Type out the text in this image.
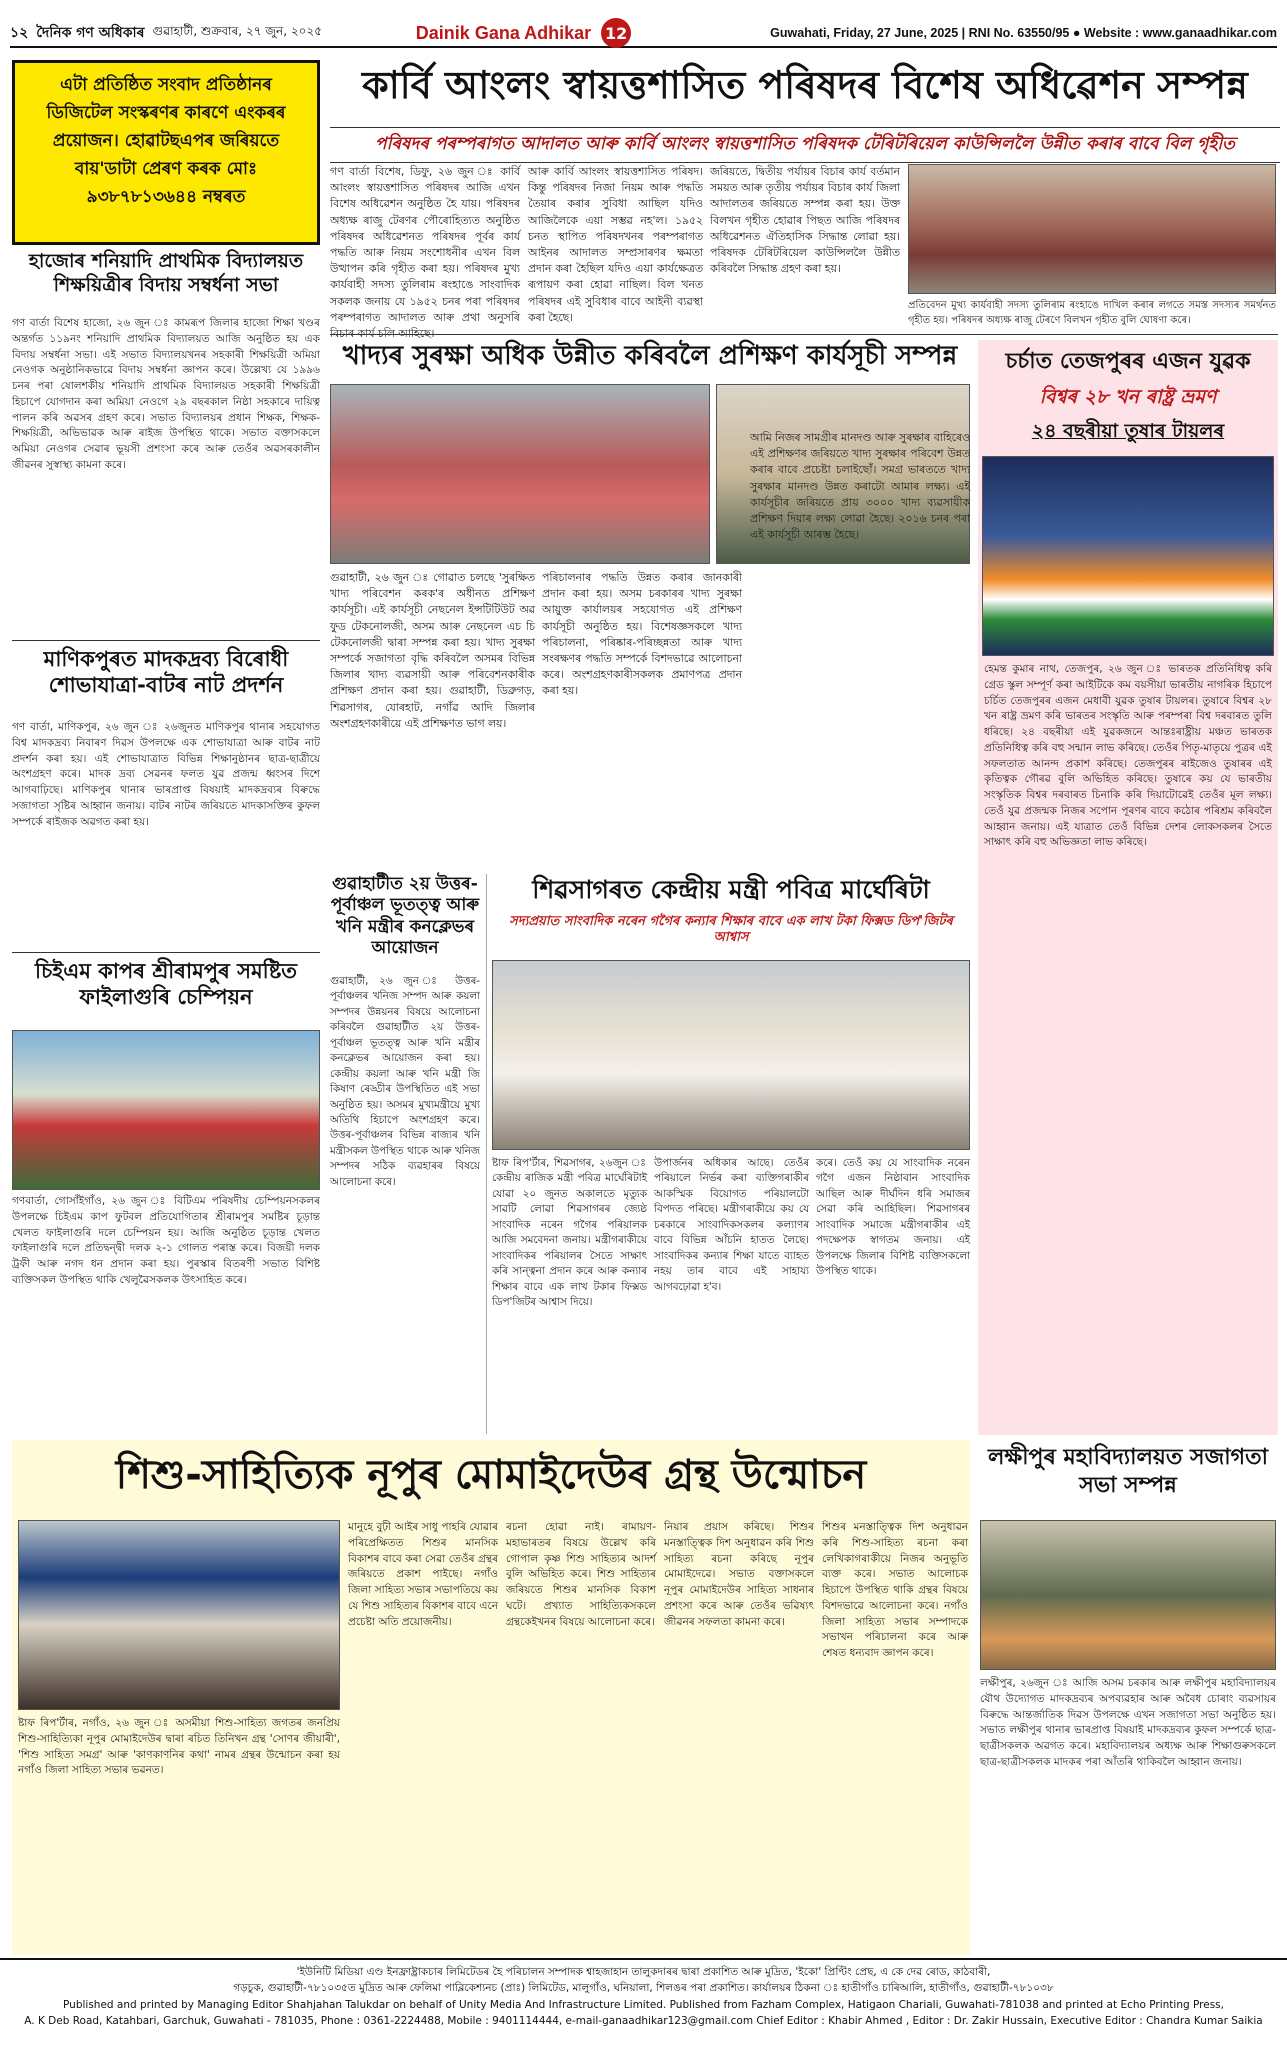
১২ দৈনিক গণ অধিকাৰ গুৱাহাটী, শুক্ৰবাৰ, ২৭ জুন, ২০২৫	Dainik Gana Adhikar 12	Guwahati, Friday, 27 June, 2025 | RNI No. 63550/95 ● Website : www.ganaadhikar.com
এটা প্ৰতিষ্ঠিত সংবাদ প্ৰতিষ্ঠানৰ ডিজিটেল সংস্কৰণৰ কাৰণে এংকৰৰ প্ৰয়োজন। হোৱাটছএপৰ জৰিয়তে বায়'ডাটা প্ৰেৰণ কৰক মোঃ ৯৩৮৭৮১৩৬৪৪ নম্বৰত
কাৰ্বি আংলং স্বায়ত্তশাসিত পৰিষদৰ বিশেষ অধিৱেশন সম্পন্ন
পৰিষদৰ পৰম্পৰাগত আদালত আৰু কাৰ্বি আংলং স্বায়ত্তশাসিত পৰিষদক টেৰিটৰিয়েল কাউন্সিললৈ উন্নীত কৰাৰ বাবে বিল গৃহীত
গণ বাৰ্তা বিশেষ, ডিফু, ২৬ জুন ঃ কাৰ্বি আংলং স্বায়ত্তশাসিত পৰিষদৰ আজি এখন বিশেষ অধিৱেশন অনুষ্ঠিত হৈ যায়। পৰিষদৰ অধ্যক্ষ ৰাজু টেৰণৰ পৌৰোহিত্যত অনুষ্ঠিত পৰিষদৰ অধিৱেশনত পৰিষদৰ পূৰ্বৰ কাৰ্য পদ্ধতি আৰু নিয়ম সংশোধনীৰ এখন বিল উত্থাপন কৰি গৃহীত কৰা হয়। পৰিষদৰ মুখ্য কাৰ্যবাহী সদস্য তুলিৰাম ৰংহাঙে সাংবাদিক সকলক জনায় যে ১৯৫২ চনৰ পৰা পৰিষদৰ পৰম্পৰাগত আদালত আৰু প্ৰথা অনুসৰি বিচাৰ কাৰ্য চলি আহিছে।
আৰু কাৰ্বি আংলং স্বায়ত্তশাসিত পৰিষদ। কিন্তু পৰিষদৰ নিজা নিয়ম আৰু পদ্ধতি তৈয়াৰ কৰাৰ সুবিধা আছিল যদিও আজিলৈকে এয়া সম্ভৱ নহ'ল। ১৯৫২ চনত স্থাপিত পৰিষদখনৰ পৰম্পৰাগত আইনৰ আদালত সম্প্ৰসাৰণৰ ক্ষমতা প্ৰদান কৰা হৈছিল যদিও এয়া কাৰ্যক্ষেত্ৰত ৰূপায়ণ কৰা হোৱা নাছিল। বিল খনত পৰিষদৰ এই সুবিধাৰ বাবে আইনী ব্যৱস্থা কৰা হৈছে।
জৰিয়তে, দ্বিতীয় পৰ্যায়ৰ বিচাৰ কাৰ্য বৰ্তমান সময়ত আৰু তৃতীয় পৰ্যায়ৰ বিচাৰ কাৰ্য জিলা আদালতৰ জৰিয়তে সম্পন্ন কৰা হয়। উক্ত বিলখন গৃহীত হোৱাৰ পিছত আজি পৰিষদৰ অধিৱেশনত ঐতিহাসিক সিদ্ধান্ত লোৱা হয়। পৰিষদক টেৰিটৰিয়েল কাউন্সিললৈ উন্নীত কৰিবলৈ সিদ্ধান্ত গ্ৰহণ কৰা হয়।
প্ৰতিবেদন মুখ্য কাৰ্যবাহী সদস্য তুলিৰাম ৰংহাঙে দাখিল কৰাৰ লগতে সমস্ত সদস্যৰ সমৰ্থনত গৃহীত হয়। পৰিষদৰ অধ্যক্ষ ৰাজু টেৰণে বিলখন গৃহীত বুলি ঘোষণা কৰে।
হাজোৰ শনিয়াদি প্ৰাথমিক বিদ্যালয়ত শিক্ষয়িত্ৰীৰ বিদায় সম্বৰ্ধনা সভা
গণ বাৰ্তা বিশেষ হাজো, ২৬ জুন ঃ কামৰূপ জিলাৰ হাজো শিক্ষা খণ্ডৰ অন্তৰ্গত ১১৯নং শনিয়াদি প্ৰাথমিক বিদ্যালয়ত আজি অনুষ্ঠিত হয় এক বিদায় সম্বৰ্ধনা সভা। এই সভাত বিদ্যালয়খনৰ সহকাৰী শিক্ষয়িত্ৰী অমিয়া নেওগক অনুষ্ঠানিকভাৱে বিদায় সম্বৰ্ধনা জ্ঞাপন কৰে। উল্লেখ্য যে ১৯৯৬ চনৰ পৰা ষোলশকীয় শনিয়াদি প্ৰাথমিক বিদ্যালয়ত সহকাৰী শিক্ষয়িত্ৰী হিচাপে যোগদান কৰা অমিয়া নেওগে ২৯ বছৰকাল নিষ্ঠা সহকাৰে দায়িত্ব পালন কৰি অৱসৰ গ্ৰহণ কৰে। সভাত বিদ্যালয়ৰ প্ৰধান শিক্ষক, শিক্ষক-শিক্ষয়িত্ৰী, অভিভাৱক আৰু ৰাইজ উপস্থিত থাকে। সভাত বক্তাসকলে অমিয়া নেওগৰ সেৱাৰ ভূয়সী প্ৰশংসা কৰে আৰু তেওঁৰ অৱসৰকালীন জীৱনৰ সুস্বাস্থ্য কামনা কৰে।
মাণিকপুৰত মাদকদ্ৰব্য বিৰোধী শোভাযাত্ৰা-বাটৰ নাট প্ৰদৰ্শন
গণ বাৰ্তা, মাণিকপুৰ, ২৬ জুন ঃ ২৬জুনত মাণিকপুৰ থানাৰ সহযোগত বিশ্ব মাদকদ্ৰব্য নিবাৰণ দিৱস উপলক্ষে এক শোভাযাত্ৰা আৰু বাটৰ নাট প্ৰদৰ্শন কৰা হয়। এই শোভাযাত্ৰাত বিভিন্ন শিক্ষানুষ্ঠানৰ ছাত্ৰ-ছাত্ৰীয়ে অংশগ্ৰহণ কৰে। মাদক দ্ৰব্য সেৱনৰ ফলত যুৱ প্ৰজন্ম ধ্বংসৰ দিশে আগবাঢ়িছে। মাণিকপুৰ থানাৰ ভাৰপ্ৰাপ্ত বিষয়াই মাদকদ্ৰব্যৰ বিৰুদ্ধে সজাগতা সৃষ্টিৰ আহ্বান জনায়। বাটৰ নাটৰ জৰিয়তে মাদকাসক্তিৰ কুফল সম্পৰ্কে ৰাইজক অৱগত কৰা হয়।
চিইএম কাপৰ শ্ৰীৰামপুৰ সমষ্টিত ফাইলাগুৰি চেম্পিয়ন
গণবাৰ্তা, গোসাঁইগাঁও, ২৬ জুন ঃ বিটিএম পৰিষদীয় চেম্পিয়নসকলৰ উপলক্ষে চিইএম কাপ ফুটবল প্ৰতিযোগিতাৰ শ্ৰীৰামপুৰ সমষ্টিৰ চূড়ান্ত খেলত ফাইলাগুৰি দলে চেম্পিয়ন হয়। আজি অনুষ্ঠিত চূড়ান্ত খেলত ফাইলাগুৰি দলে প্ৰতিদ্বন্দ্বী দলক ২-১ গোলত পৰাস্ত কৰে। বিজয়ী দলক ট্ৰফী আৰু নগদ ধন প্ৰদান কৰা হয়। পুৰস্কাৰ বিতৰণী সভাত বিশিষ্ট ব্যক্তিসকল উপস্থিত থাকি খেলুৱৈসকলক উৎসাহিত কৰে।
খাদ্যৰ সুৰক্ষা অধিক উন্নীত কৰিবলৈ প্ৰশিক্ষণ কাৰ্যসূচী সম্পন্ন
গুৱাহাটী, ২৬ জুন ঃ গোৱাত চলছে 'সুৰক্ষিত খাদ্য পৰিবেশন কৰক'ৰ অধীনত প্ৰশিক্ষণ কাৰ্যসূচী। এই কাৰ্যসূচী নেছনেল ইন্সটিটিউট অৱ ফুড টেকনোলজী, অসম আৰু নেছনেল এচ চি টেকনোলজী দ্বাৰা সম্পন্ন কৰা হয়। খাদ্য সুৰক্ষা সম্পৰ্কে সজাগতা বৃদ্ধি কৰিবলৈ অসমৰ বিভিন্ন জিলাৰ খাদ্য ব্যৱসায়ী আৰু পৰিবেশনকাৰীক প্ৰশিক্ষণ প্ৰদান কৰা হয়। গুৱাহাটী, ডিব্ৰুগড়, শিৱসাগৰ, যোৰহাট, নগাঁৱ আদি জিলাৰ অংশগ্ৰহণকাৰীয়ে এই প্ৰশিক্ষণত ভাগ লয়।
পৰিচালনাৰ পদ্ধতি উন্নত কৰাৰ জানকাৰী প্ৰদান কৰা হয়। অসম চৰকাৰৰ খাদ্য সুৰক্ষা আয়ুক্ত কাৰ্যালয়ৰ সহযোগত এই প্ৰশিক্ষণ কাৰ্যসূচী অনুষ্ঠিত হয়। বিশেষজ্ঞসকলে খাদ্য পৰিচালনা, পৰিষ্কাৰ-পৰিচ্ছন্নতা আৰু খাদ্য সংৰক্ষণৰ পদ্ধতি সম্পৰ্কে বিশদভাৱে আলোচনা কৰে। অংশগ্ৰহণকাৰীসকলক প্ৰমাণপত্ৰ প্ৰদান কৰা হয়।
আমি নিজৰ সামগ্ৰীৰ মানদণ্ড আৰু সুৰক্ষাৰ বাহিৰেও এই প্ৰশিক্ষণৰ জৰিয়তে খাদ্য সুৰক্ষাৰ পৰিবেশ উন্নত কৰাৰ বাবে প্ৰচেষ্টা চলাইছোঁ। সমগ্ৰ ভাৰততে খাদ্য সুৰক্ষাৰ মানদণ্ড উন্নত কৰাটো আমাৰ লক্ষ্য। এই কাৰ্যসূচীৰ জৰিয়তে প্ৰায় ৩০০০ খাদ্য ব্যৱসায়ীক প্ৰশিক্ষণ দিয়াৰ লক্ষ্য লোৱা হৈছে। ২০১৬ চনৰ পৰা এই কাৰ্যসূচী আৰম্ভ হৈছে।
গুৱাহাটীত ২য় উত্তৰ-পূৰ্বাঞ্চল ভূতত্ত্ব আৰু খনি মন্ত্ৰীৰ কনক্লেভৰ আয়োজন
গুৱাহাটী, ২৬ জুন ঃ উত্তৰ-পূৰ্বাঞ্চলৰ খনিজ সম্পদ আৰু কয়লা সম্পদৰ উন্নয়নৰ বিষয়ে আলোচনা কৰিবলৈ গুৱাহাটীত ২য় উত্তৰ-পূৰ্বাঞ্চল ভূতত্ত্ব আৰু খনি মন্ত্ৰীৰ কনক্লেভৰ আয়োজন কৰা হয়। কেন্দ্ৰীয় কয়লা আৰু খনি মন্ত্ৰী জি কিষাণ ৰেড্ডীৰ উপস্থিতিত এই সভা অনুষ্ঠিত হয়। অসমৰ মুখ্যমন্ত্ৰীয়ে মুখ্য অতিথি হিচাপে অংশগ্ৰহণ কৰে। উত্তৰ-পূৰ্বাঞ্চলৰ বিভিন্ন ৰাজ্যৰ খনি মন্ত্ৰীসকল উপস্থিত থাকে আৰু খনিজ সম্পদৰ সঠিক ব্যৱহাৰৰ বিষয়ে আলোচনা কৰে।
শিৱসাগৰত কেন্দ্ৰীয় মন্ত্ৰী পবিত্ৰ মাৰ্ঘেৰিটা
সদ্যপ্ৰয়াত সাংবাদিক নৰেন গগৈৰ কন্যাৰ শিক্ষাৰ বাবে এক লাখ টকা ফিক্সড ডিপ'জিটৰ আশ্বাস
ষ্টাফ ৰিপ'ৰ্টাৰ, শিৱসাগৰ, ২৬জুন ঃ কেন্দ্ৰীয় ৰাজিক মন্ত্ৰী পবিত্ৰ মাৰ্ঘেৰিটাই যোৱা ২০ জুনত অকালতে মৃত্যুক সাৱটি লোৱা শিৱসাগৰৰ জ্যেষ্ঠ সাংবাদিক নৰেন গগৈৰ পৰিয়ালক আজি সমবেদনা জনায়। মন্ত্ৰীগৰাকীয়ে সাংবাদিকৰ পৰিয়ালৰ সৈতে সাক্ষাৎ কৰি সান্ত্বনা প্ৰদান কৰে আৰু কন্যাৰ শিক্ষাৰ বাবে এক লাখ টকাৰ ফিক্সড ডিপ'জিটৰ আশ্বাস দিয়ে।
উপাৰ্জনৰ অধিকাৰ আছে। তেওঁৰ পৰিয়ালে নিৰ্ভৰ কৰা ব্যক্তিগৰাকীৰ আকস্মিক বিয়োগত পৰিয়ালটো বিপদত পৰিছে। মন্ত্ৰীগৰাকীয়ে কয় যে চৰকাৰে সাংবাদিকসকলৰ কল্যাণৰ বাবে বিভিন্ন আঁচনি হাতত লৈছে। সাংবাদিকৰ কন্যাৰ শিক্ষা যাতে ব্যাহত নহয় তাৰ বাবে এই সাহায্য আগবঢ়োৱা হ'ব।
কৰে। তেওঁ কয় যে সাংবাদিক নৰেন গগৈ এজন নিষ্ঠাবান সাংবাদিক আছিল আৰু দীৰ্ঘদিন ধৰি সমাজৰ সেৱা কৰি আহিছিল। শিৱসাগৰৰ সাংবাদিক সমাজে মন্ত্ৰীগৰাকীৰ এই পদক্ষেপক স্বাগতম জনায়। এই উপলক্ষে জিলাৰ বিশিষ্ট ব্যক্তিসকলো উপস্থিত থাকে।
চৰ্চাত তেজপুৰৰ এজন যুৱক
বিশ্বৰ ২৮ খন ৰাষ্ট্ৰ ভ্ৰমণ
২৪ বছৰীয়া তুষাৰ টায়লৰ
হেমন্ত কুমাৰ নাথ, তেজপুৰ, ২৬ জুন ঃ ভাৰতক প্ৰতিনিধিত্ব কৰি গ্ৰেড স্কুল সম্পূৰ্ণ কৰা আইটিকে কম বয়সীয়া ভাৰতীয় নাগৰিক হিচাপে চৰ্চিত তেজপুৰৰ এজন মেধাবী যুৱক তুষাৰ টায়লৰ। তুষাৰে বিশ্বৰ ২৮ খন ৰাষ্ট্ৰ ভ্ৰমণ কৰি ভাৰতৰ সংস্কৃতি আৰু পৰম্পৰা বিশ্ব দৰবাৰত তুলি ধৰিছে। ২৪ বছৰীয়া এই যুৱকজনে আন্তঃৰাষ্ট্ৰীয় মঞ্চত ভাৰতক প্ৰতিনিধিত্ব কৰি বহু সন্মান লাভ কৰিছে। তেওঁৰ পিতৃ-মাতৃয়ে পুত্ৰৰ এই সফলতাত আনন্দ প্ৰকাশ কৰিছে। তেজপুৰৰ ৰাইজেও তুষাৰৰ এই কৃতিত্বক গৌৰৱ বুলি অভিহিত কৰিছে। তুষাৰে কয় যে ভাৰতীয় সংস্কৃতিক বিশ্বৰ দৰবাৰত চিনাকি কৰি দিয়াটোৱেই তেওঁৰ মূল লক্ষ্য। তেওঁ যুৱ প্ৰজন্মক নিজৰ সপোন পূৰণৰ বাবে কঠোৰ পৰিশ্ৰম কৰিবলৈ আহ্বান জনায়। এই যাত্ৰাত তেওঁ বিভিন্ন দেশৰ লোকসকলৰ সৈতে সাক্ষাৎ কৰি বহু অভিজ্ঞতা লাভ কৰিছে।
শিশু-সাহিত্যিক নূপুৰ মোমাইদেউৰ গ্ৰন্থ উন্মোচন
ষ্টাফ ৰিপ'ৰ্টাৰ, নগাঁও, ২৬ জুন ঃ অসমীয়া শিশু-সাহিত্য জগতৰ জনপ্ৰিয় শিশু-সাহিত্যিকা নূপুৰ মোমাইদেউৰ দ্বাৰা ৰচিত তিনিখন গ্ৰন্থ 'সোণৰ জীয়াৰী', 'শিশু সাহিত্য সমগ্ৰ' আৰু 'কাণকাণনিৰ কথা' নামৰ গ্ৰন্থৰ উন্মোচন কৰা হয় নগাঁও জিলা সাহিত্য সভাৰ ভৱনত।
মানুহে বুঢ়ী আইৰ সাধু পাহৰি যোৱাৰ পৰিপ্ৰেক্ষিতত শিশুৰ মানসিক বিকাশৰ বাবে কৰা সেৱা তেওঁৰ গ্ৰন্থৰ জৰিয়তে প্ৰকাশ পাইছে। নগাঁও জিলা সাহিত্য সভাৰ সভাপতিয়ে কয় যে শিশু সাহিত্যৰ বিকাশৰ বাবে এনে প্ৰচেষ্টা অতি প্ৰয়োজনীয়।
ৰচনা হোৱা নাই। ৰামায়ণ-মহাভাৰতৰ বিষয়ে উল্লেখ কৰি গোপাল কৃষ্ণ শিশু সাহিত্যৰ আদৰ্শ বুলি অভিহিত কৰে। শিশু সাহিত্যৰ জৰিয়তে শিশুৰ মানসিক বিকাশ ঘটে। প্ৰখ্যাত সাহিত্যিকসকলে গ্ৰন্থকেইখনৰ বিষয়ে আলোচনা কৰে।
নিয়াৰ প্ৰয়াস কৰিছে। শিশুৰ মনস্তাত্ত্বিক দিশ অনুধাৱন কৰি শিশু সাহিত্য ৰচনা কৰিছে নূপুৰ মোমাইদেৱে। সভাত বক্তাসকলে নূপুৰ মোমাইদেউৰ সাহিত্য সাধনাৰ প্ৰশংসা কৰে আৰু তেওঁৰ ভৱিষ্যৎ জীৱনৰ সফলতা কামনা কৰে।
শিশুৰ মনস্তাত্ত্বিক দিশ অনুধাৱন কৰি শিশু-সাহিত্য ৰচনা কৰা লেখিকাগৰাকীয়ে নিজৰ অনুভূতি ব্যক্ত কৰে। সভাত আলোচক হিচাপে উপস্থিত থাকি গ্ৰন্থৰ বিষয়ে বিশদভাৱে আলোচনা কৰে। নগাঁও জিলা সাহিত্য সভাৰ সম্পাদকে সভাখন পৰিচালনা কৰে আৰু শেষত ধন্যবাদ জ্ঞাপন কৰে।
লক্ষীপুৰ মহাবিদ্যালয়ত সজাগতা সভা সম্পন্ন
লক্ষীপুৰ, ২৬জুন ঃ আজি অসম চৰকাৰ আৰু লক্ষীপুৰ মহাবিদ্যালয়ৰ যৌথ উদ্যোগত মাদকদ্ৰব্যৰ অপব্যৱহাৰ আৰু অবৈধ চোৰাং ব্যৱসায়ৰ বিৰুদ্ধে আন্তৰ্জাতিক দিৱস উপলক্ষে এখন সজাগতা সভা অনুষ্ঠিত হয়। সভাত লক্ষীপুৰ থানাৰ ভাৰপ্ৰাপ্ত বিষয়াই মাদকদ্ৰব্যৰ কুফল সম্পৰ্কে ছাত্ৰ-ছাত্ৰীসকলক অৱগত কৰে। মহাবিদ্যালয়ৰ অধ্যক্ষ আৰু শিক্ষাগুৰুসকলে ছাত্ৰ-ছাত্ৰীসকলক মাদকৰ পৰা আঁতৰি থাকিবলৈ আহ্বান জনায়।
'ইউনিটি মিডিয়া এণ্ড ইনফ্ৰাষ্ট্ৰাকচাৰ লিমিটেডৰ হৈ পৰিচালন সম্পাদক শ্বাহজাহান তালুকদাৰৰ দ্বাৰা প্ৰকাশিত আৰু মুদ্ৰিত, 'ইকো' প্ৰিণ্টিং প্ৰেছ, এ কে দেৱ ৰোড, কাঠবাৰী,
গড়চুক, গুৱাহাটী-৭৮১০৩৫ত মুদ্ৰিত আৰু ফেলিমা পাব্লিকেশ্যনচ (প্ৰাঃ) লিমিটেড, মালুগাঁও, ঘনিয়ালা, শিলঙৰ পৰা প্ৰকাশিত। কাৰ্যালয়ৰ ঠিকনা ঃ হাতীগাঁও চাৰিআলি, হাতীগাঁও, গুৱাহাটী-৭৮১০৩৮
Published and printed by Managing Editor Shahjahan Talukdar on behalf of Unity Media And Infrastructure Limited. Published from Fazham Complex, Hatigaon Chariali, Guwahati-781038 and printed at Echo Printing Press,
A. K Deb Road, Katahbari, Garchuk, Guwahati - 781035, Phone : 0361-2224488, Mobile : 9401114444, e-mail-ganaadhikar123@gmail.com Chief Editor : Khabir Ahmed , Editor : Dr. Zakir Hussain, Executive Editor : Chandra Kumar Saikia
